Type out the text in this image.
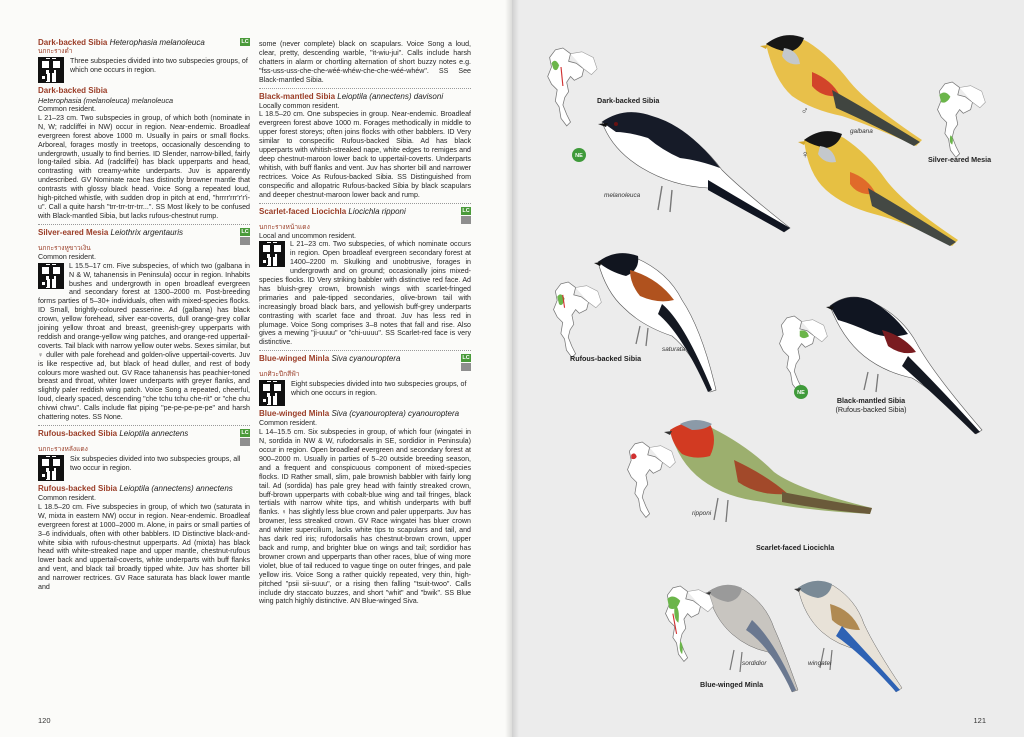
Dark-backed Sibia Heterophasia melanoleuca	LC
นกกะรางดำ
Three subspecies divided into two subspecies groups, of which one occurs in region.
Dark-backed Sibia
Heterophasia (melanoleuca) melanoleuca
Common resident.
L 21–23 cm. Two subspecies in group, of which both (nominate in N, W; radcliffei in NW) occur in region. Near-endemic. Broadleaf evergreen forest above 1000 m. Usually in pairs or small flocks. Arboreal, forages mostly in treetops, occasionally descending to undergrowth, usually to find berries. ID Slender, narrow-billed, fairly long-tailed sibia. Ad (radcliffei) has black upperparts and head, contrasting with creamy-white underparts. Juv is apparently undescribed. GV Nominate race has distinctly browner mantle that contrasts with glossy black head. Voice Song a repeated loud, high-pitched whistle, with sudden drop in pitch at end, "hrrrr'rrr'r'r'i-u". Call a quite harsh "trr-trr-trr-trr...". SS Most likely to be confused with Black-mantled Sibia, but lacks rufous-chestnut rump.
Silver-eared Mesia Leiothrix argentauris	LC
นกกะรางหูขาวเงิน
Common resident.
L 15.5–17 cm. Five subspecies, of which two (galbana in N & W, tahanensis in Peninsula) occur in region. Inhabits bushes and undergrowth in open broadleaf evergreen and secondary forest at 1300–2000 m. Post-breeding forms parties of 5–30+ individuals, often with mixed-species flocks. ID Small, brightly-coloured passerine. Ad (galbana) has black crown, yellow forehead, silver ear-coverts, dull orange-grey collar joining yellow throat and breast, greenish-grey upperparts with reddish and orange-yellow wing patches, and orange-red uppertail-coverts. Tail black with narrow yellow outer webs. Sexes similar, but ♀ duller with pale forehead and golden-olive uppertail-coverts. Juv is like respective ad, but black of head duller, and rest of body colours more washed out. GV Race tahanensis has peachier-toned breast and throat, whiter lower underparts with greyer flanks, and slightly paler reddish wing patch. Voice Song a repeated, cheerful, loud, clearly spaced, descending "che tchu tchu che-rit" or "che chu chivwi chwu". Calls include flat piping "pe-pe-pe-pe-pe" and harsh chattering notes. SS None.
Rufous-backed Sibia Leioptila annectens	LC
นกกะรางหลังแดง
Six subspecies divided into two subspecies groups, all two occur in region.
Rufous-backed Sibia Leioptila (annectens) annectens
Common resident.
L 18.5–20 cm. Five subspecies in group, of which two (saturata in W, mixta in eastern NW) occur in region. Near-endemic. Broadleaf evergreen forest at 1000–2000 m. Alone, in pairs or small parties of 3–6 individuals, often with other babblers. ID Distinctive black-and-white sibia with rufous-chestnut upperparts. Ad (mixta) has black head with white-streaked nape and upper mantle, chestnut-rufous lower back and uppertail-coverts, white underparts with buff flanks and vent, and black tail broadly tipped white. Juv has shorter bill and narrower rectrices. GV Race saturata has black lower mantle and
some (never complete) black on scapulars. Voice Song a loud, clear, pretty, descending warble, "it-wiu-jui". Calls include harsh chatters in alarm or chortling alternation of short buzzy notes e.g. "fss-uss-uss-che-che-wéé-whéw-che-che-wéé-whéw". SS See Black-mantled Sibia.
Black-mantled Sibia Leioptila (annectens) davisoni
Locally common resident.
L 18.5–20 cm. One subspecies in group. Near-endemic. Broadleaf evergreen forest above 1000 m. Forages methodically in middle to upper forest storeys; often joins flocks with other babblers. ID Very similar to conspecific Rufous-backed Sibia. Ad has black upperparts with whitish-streaked nape, white edges to remiges and deep chestnut-maroon lower back to uppertail-coverts. Underparts whitish, with buff flanks and vent. Juv has shorter bill and narrower rectrices. Voice As Rufous-backed Sibia. SS Distinguished from conspecific and allopatric Rufous-backed Sibia by black scapulars and deeper chestnut-maroon lower back and rump.
Scarlet-faced Liocichla Liocichla ripponi	LC
นกกะรางหน้าแดง
Local and uncommon resident.
L 21–23 cm. Two subspecies, of which nominate occurs in region. Open broadleaf evergreen secondary forest at 1400–2200 m. Skulking and unobtrusive, forages in undergrowth and on ground; occasionally joins mixed-species flocks. ID Very striking babbler with distinctive red face. Ad has bluish-grey crown, brownish wings with scarlet-fringed primaries and pale-tipped secondaries, olive-brown tail with increasingly broad black bars, and yellowish buff-grey underparts contrasting with scarlet face and throat. Juv has less red in plumage. Voice Song comprises 3–8 notes that fall and rise. Also gives a mewing "ji-uuuu" or "chi-uuuu". SS Scarlet-red face is very distinctive.
Blue-winged Minla Siva cyanouroptera	LC
นกศิวะปีกสีฟ้า
Eight subspecies divided into two subspecies groups, of which one occurs in region.
Blue-winged Minla Siva (cyanouroptera) cyanouroptera
Common resident.
L 14–15.5 cm. Six subspecies in group, of which four (wingatei in N, sordida in NW & W, rufodorsalis in SE, sordidior in Peninsula) occur in region. Open broadleaf evergreen and secondary forest at 900–2000 m. Usually in parties of 5–20 outside breeding season, and a frequent and conspicuous component of mixed-species flocks. ID Rather small, slim, pale brownish babbler with fairly long tail. Ad (sordida) has pale grey head with faintly streaked crown, buff-brown upperparts with cobalt-blue wing and tail fringes, black tertials with narrow white tips, and whitish underparts with buff flanks. ♀ has slightly less blue crown and paler upperparts. Juv has browner, less streaked crown. GV Race wingatei has bluer crown and whiter supercilium, lacks white tips to scapulars and tail, and has dark red iris; rufodorsalis has chestnut-brown crown, upper back and rump, and brighter blue on wings and tail; sordidior has browner crown and upperparts than other races, blue of wing more violet, blue of tail reduced to vague tinge on outer fringes, and pale yellow iris. Voice Song a rather quickly repeated, very thin, high-pitched "psii sii-suuu", or a rising then falling "tsuit-twoo". Calls include dry staccato buzzes, and short "whit" and "bwik". SS Blue wing patch highly distinctive. AN Blue-winged Siva.
120
NE
♂
♀
NE
Dark-backed Sibia
melanoleuca
galbana
Silver-eared Mesia
Rufous-backed Sibia
saturata
Black-mantled Sibia
(Rufous-backed Sibia)
ripponi
Scarlet-faced Liocichla
sordidior	wingatei
Blue-winged Minla
121
